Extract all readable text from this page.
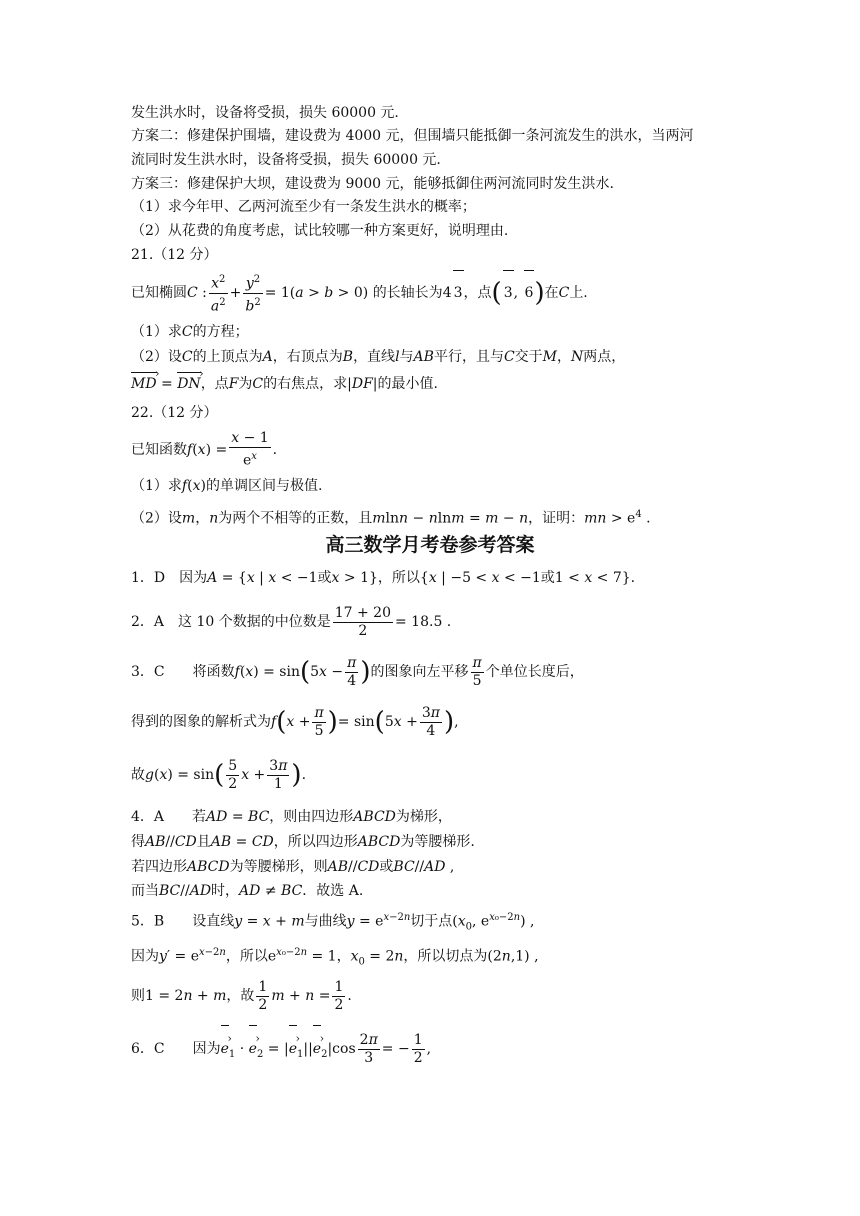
发生洪水时，设备将受损，损失 60000 元.
方案二：修建保护围墙，建设费为 4000 元，但围墙只能抵御一条河流发生的洪水，当两河
流同时发生洪水时，设备将受损，损失 60000 元.
方案三：修建保护大坝，建设费为 9000 元，能够抵御住两河流同时发生洪水.
（1）求今年甲、乙两河流至少有一条发生洪水的概率；
（2）从花费的角度考虑，试比较哪一种方案更好，说明理由.
21.（12 分）
已知椭圆C : $\frac{x^2}{a^2} + \frac{y^2}{b^2} = 1(a > b > 0)$ 的长轴长为4 3，点( 3, 6)在C上.
（1）求C的方程；
（2）设C的上顶点为A，右顶点为B，直线l与AB平行，且与C交于M，N两点，
MD › = DN ›，点F为C的右焦点，求|DF|的最小值.
22.（12 分）
已知函数$f(x) = \frac{x - 1}{e^x}$ .
（1）求f(x)的单调区间与极值.
（2）设m，n为两个不相等的正数，且mlnn − nlnm = m − n，证明：mn > $e^4$ .
高三数学月考卷参考答案
1．D　因为A = {x | x < −1或x > 1}，所以{x | −5 < x < −1或1 < x < 7}.
2．A　这 10 个数据的中位数是 $\frac{17 + 20}{2} = 18.5$ .
3．C　　将函数$f(x) = \sin(5x - \frac{\pi}{4}$ )的图象向左平移 $\frac{\pi}{5}$ 个单位长度后，
得到的图象的解析式为$f(x + \frac{\pi}{5}$ )= $\sin(5x + \frac{3\pi}{4}$ ),
故$g(x) = \sin( \frac{5}{2}$ $x + \frac{3\pi}{1}$ ).
4．A　　若AD = BC，则由四边形ABCD为梯形，
得AB//CD且AB = CD，所以四边形ABCD为等腰梯形.
若四边形ABCD为等腰梯形，则AB//CD或BC//AD ,
而当BC//AD时，AD ≠ BC．故选 A.
5．B　　设直线y = x + m与曲线$y = e^{x-2n}$切于点($x_0$, $e^{x_0-2n}$) ,
因为$y' = e^{x-2n}$，所以$e^{x_0-2n} = 1$，$x_0 = 2n$，所以切点为(2n,1) ,
则1 = 2n + m，故 $\frac{1}{2}$ $m + n = \frac{1}{2}$ .
6．C　　因为e $›_1 \cdot e$ $›_2 = |e$ $›_1||e$ $›_2|\cos \frac{2\pi}{3}$ = − $\frac{1}{2}$ ,
